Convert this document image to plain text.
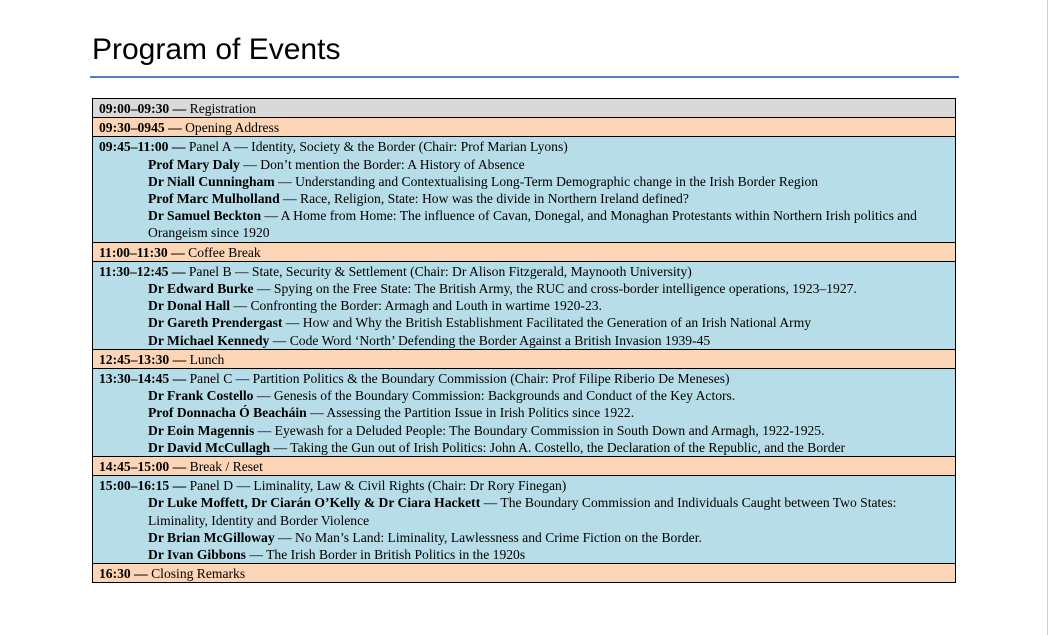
Program of Events
09:00–09:30 — Registration
09:30–0945 — Opening Address
09:45–11:00 — Panel A — Identity, Society & the Border (Chair: Prof Marian Lyons)
Prof Mary Daly — Don’t mention the Border: A History of Absence
Dr Niall Cunningham — Understanding and Contextualising Long-Term Demographic change in the Irish Border Region
Prof Marc Mulholland — Race, Religion, State: How was the divide in Northern Ireland defined?
Dr Samuel Beckton — A Home from Home: The influence of Cavan, Donegal, and Monaghan Protestants within Northern Irish politics and Orangeism since 1920
11:00–11:30 — Coffee Break
11:30–12:45 — Panel B — State, Security & Settlement (Chair: Dr Alison Fitzgerald, Maynooth University)
Dr Edward Burke — Spying on the Free State: The British Army, the RUC and cross-border intelligence operations, 1923–1927.
Dr Donal Hall — Confronting the Border: Armagh and Louth in wartime 1920-23.
Dr Gareth Prendergast — How and Why the British Establishment Facilitated the Generation of an Irish National Army
Dr Michael Kennedy — Code Word ‘North’ Defending the Border Against a British Invasion 1939-45
12:45–13:30 — Lunch
13:30–14:45 — Panel C — Partition Politics & the Boundary Commission (Chair: Prof Filipe Riberio De Meneses)
Dr Frank Costello — Genesis of the Boundary Commission: Backgrounds and Conduct of the Key Actors.
Prof Donnacha Ó Beacháin — Assessing the Partition Issue in Irish Politics since 1922.
Dr Eoin Magennis — Eyewash for a Deluded People: The Boundary Commission in South Down and Armagh, 1922-1925.
Dr David McCullagh — Taking the Gun out of Irish Politics: John A. Costello, the Declaration of the Republic, and the Border
14:45–15:00 — Break / Reset
15:00–16:15 — Panel D — Liminality, Law & Civil Rights (Chair: Dr Rory Finegan)
Dr Luke Moffett, Dr Ciarán O’Kelly & Dr Ciara Hackett — The Boundary Commission and Individuals Caught between Two States: Liminality, Identity and Border Violence
Dr Brian McGilloway — No Man’s Land: Liminality, Lawlessness and Crime Fiction on the Border.
Dr Ivan Gibbons — The Irish Border in British Politics in the 1920s
16:30 — Closing Remarks
